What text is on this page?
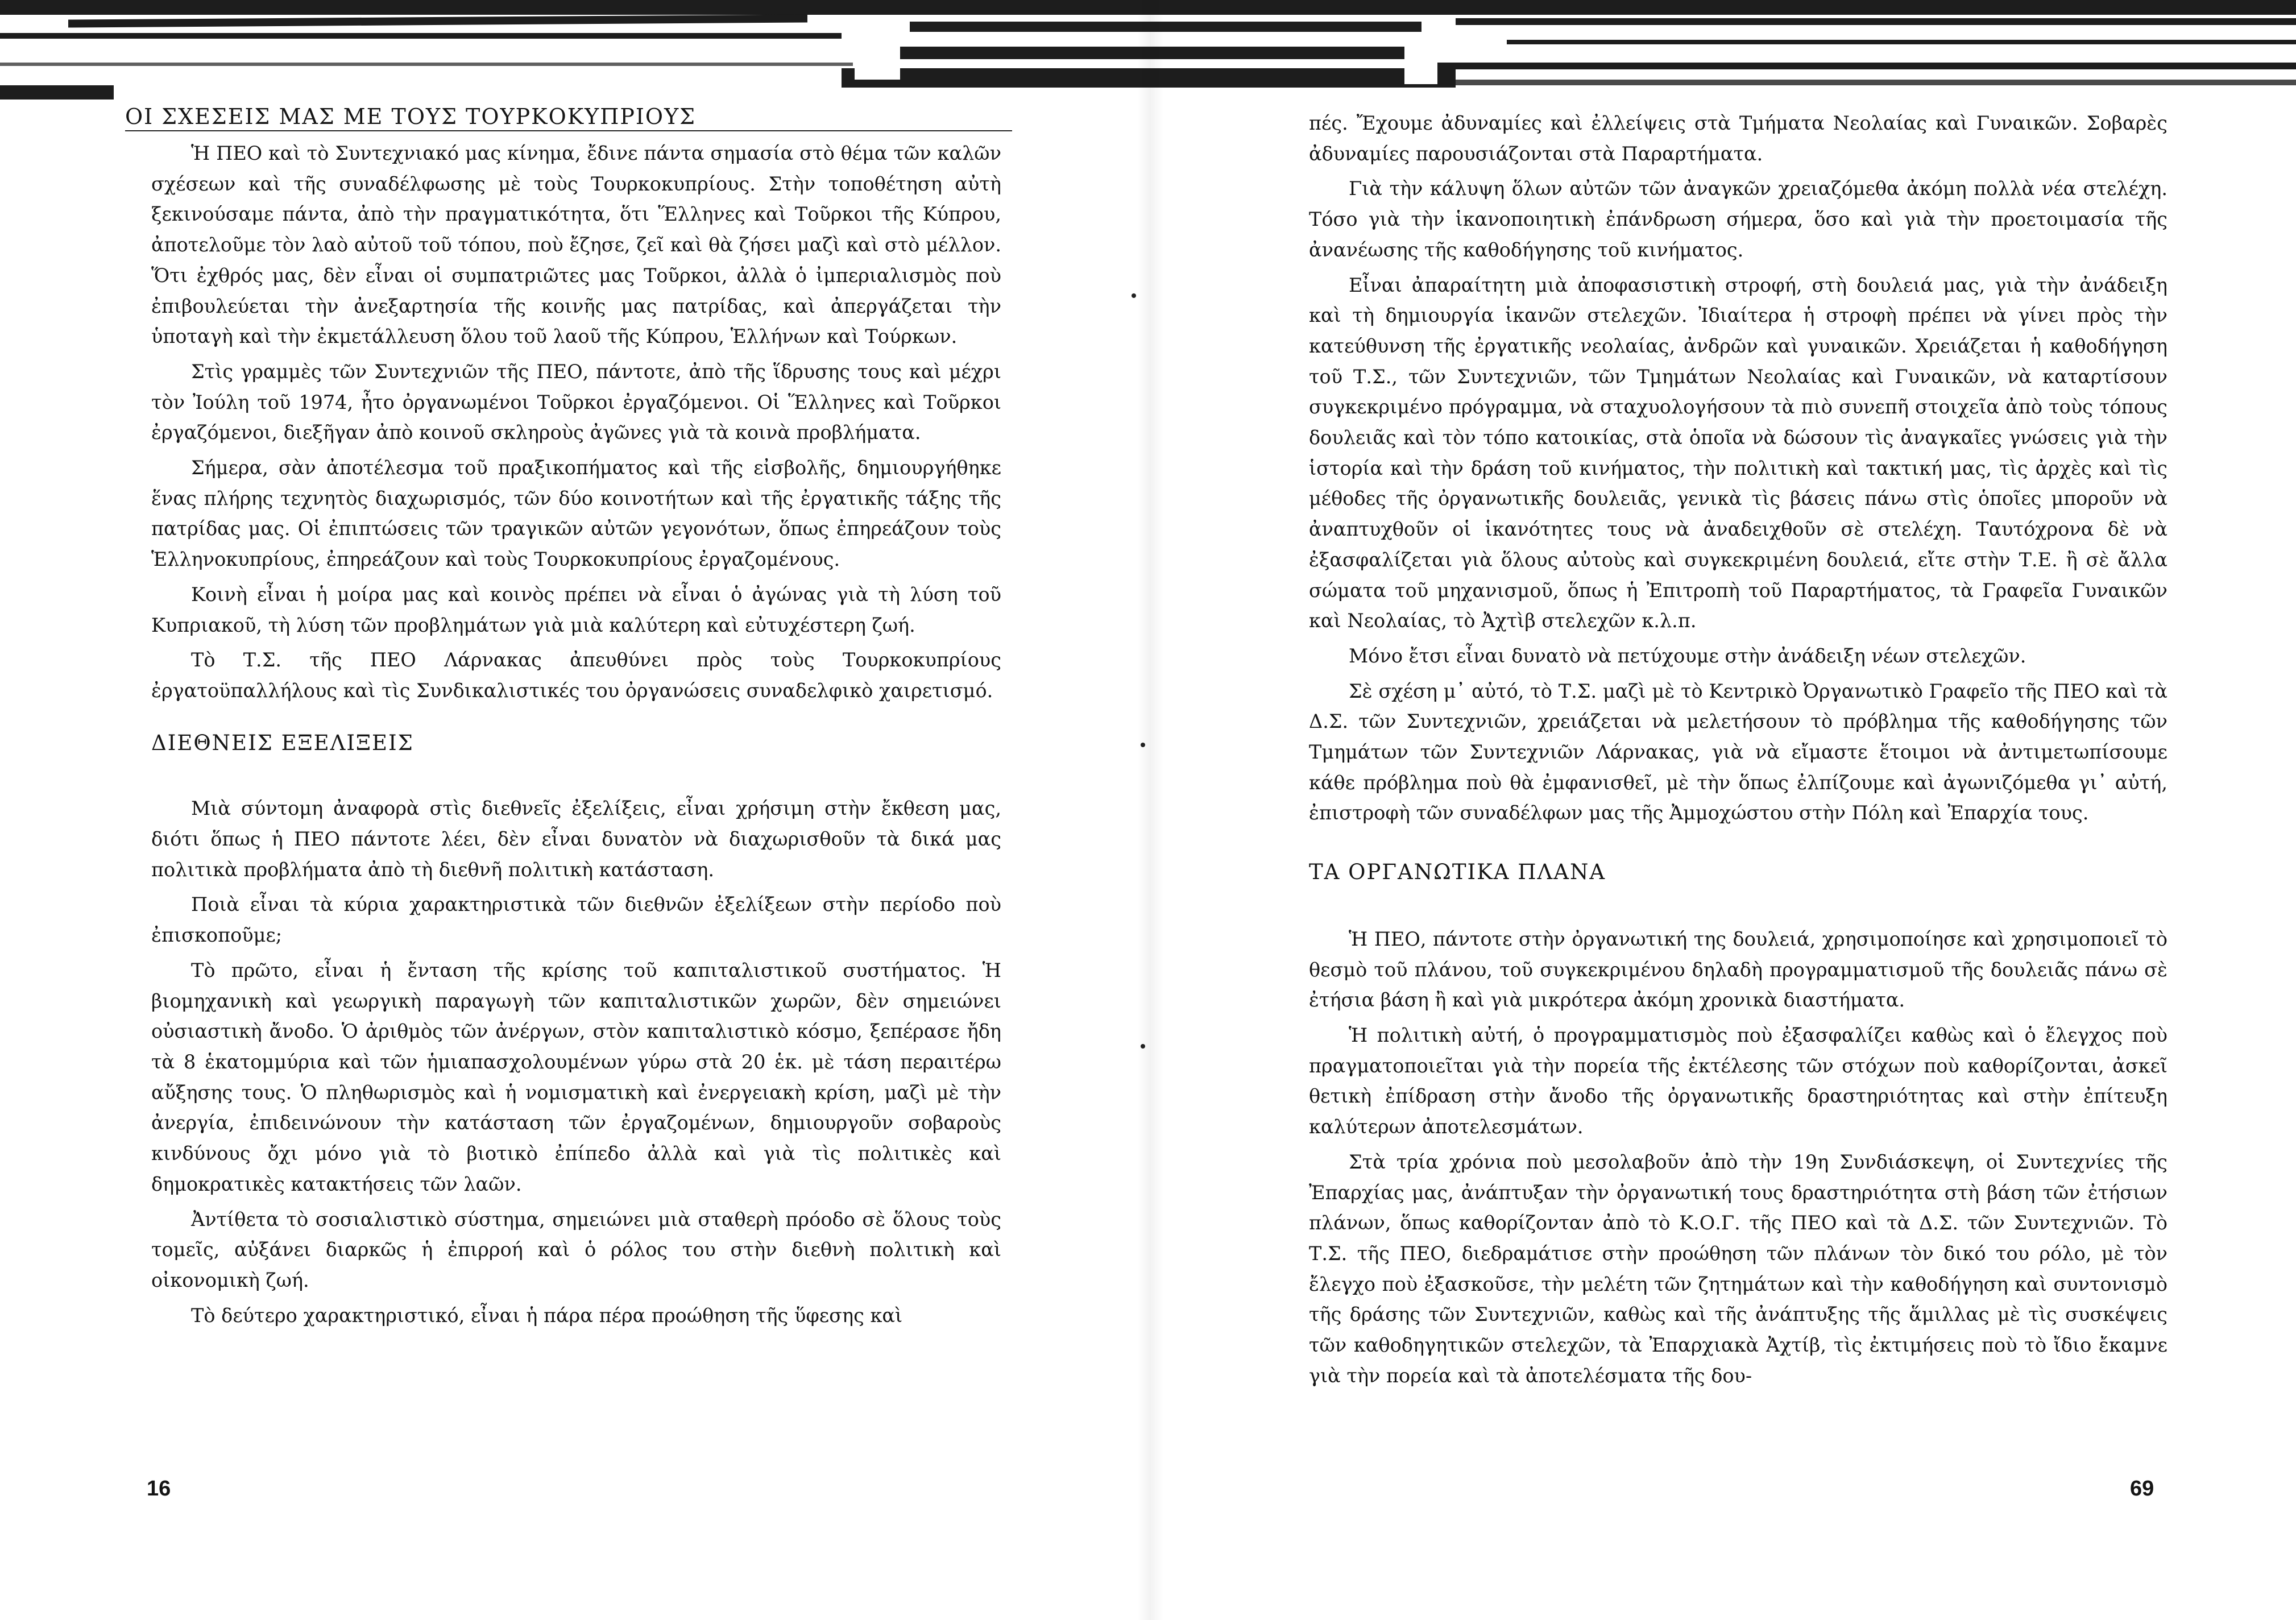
ΟΙ ΣΧΕΣΕΙΣ ΜΑΣ ΜΕ ΤΟΥΣ ΤΟΥΡΚΟΚΥΠΡΙΟΥΣ

Ἡ ΠΕΟ καὶ τὸ Συντεχνιακό μας κίνημα, ἔδινε πάντα σημασία στὸ θέμα τῶν καλῶν σχέσεων καὶ τῆς συναδέλφωσης μὲ τοὺς Τουρκοκυπρίους. Στὴν τοποθέτηση αὐτὴ ξεκινούσαμε πάντα, ἀπὸ τὴν πραγματικότητα, ὅτι Ἕλληνες καὶ Τοῦρκοι τῆς Κύπρου, ἀποτελοῦμε τὸν λαὸ αὐτοῦ τοῦ τόπου, ποὺ ἔζησε, ζεῖ καὶ θὰ ζήσει μαζὶ καὶ στὸ μέλλον. Ὅτι ἐχθρός μας, δὲν εἶναι οἱ συμπατριῶτες μας Τοῦρκοι, ἀλλὰ ὁ ἰμπεριαλισμὸς ποὺ ἐπιβουλεύεται τὴν ἀνεξαρτησία τῆς κοινῆς μας πατρίδας, καὶ ἀπεργάζεται τὴν ὑποταγὴ καὶ τὴν ἐκμετάλλευση ὅλου τοῦ λαοῦ τῆς Κύπρου, Ἑλλήνων καὶ Τούρκων.

Στὶς γραμμὲς τῶν Συντεχνιῶν τῆς ΠΕΟ, πάντοτε, ἀπὸ τῆς ἵδρυσης τους καὶ μέχρι τὸν Ἰούλη τοῦ 1974, ἦτο ὀργανωμένοι Τοῦρκοι ἐργαζόμενοι. Οἱ Ἕλληνες καὶ Τοῦρκοι ἐργαζόμενοι, διεξῆγαν ἀπὸ κοινοῦ σκληροὺς ἀγῶνες γιὰ τὰ κοινὰ προβλήματα.

Σήμερα, σὰν ἀποτέλεσμα τοῦ πραξικοπήματος καὶ τῆς εἰσβολῆς, δημιουργήθηκε ἕνας πλήρης τεχνητὸς διαχωρισμός, τῶν δύο κοινοτήτων καὶ τῆς ἐργατικῆς τάξης τῆς πατρίδας μας. Οἱ ἐπιπτώσεις τῶν τραγικῶν αὐτῶν γεγονότων, ὅπως ἐπηρεάζουν τοὺς Ἑλληνοκυπρίους, ἐπηρεάζουν καὶ τοὺς Τουρκοκυπρίους ἐργαζομένους.

Κοινὴ εἶναι ἡ μοίρα μας καὶ κοινὸς πρέπει νὰ εἶναι ὁ ἀγώνας γιὰ τὴ λύση τοῦ Κυπριακοῦ, τὴ λύση τῶν προβλημάτων γιὰ μιὰ καλύτερη καὶ εὐτυχέστερη ζωή.

Τὸ Τ.Σ. τῆς ΠΕΟ Λάρνακας ἀπευθύνει πρὸς τοὺς Τουρκοκυπρίους ἐργατοϋπαλλήλους καὶ τὶς Συνδικαλιστικές του ὀργανώσεις συναδελφικὸ χαιρετισμό.

ΔΙΕΘΝΕΙΣ ΕΞΕΛΙΞΕΙΣ

Μιὰ σύντομη ἀναφορὰ στὶς διεθνεῖς ἐξελίξεις, εἶναι χρήσιμη στὴν ἔκθεση μας, διότι ὅπως ἡ ΠΕΟ πάντοτε λέει, δὲν εἶναι δυνατὸν νὰ διαχωρισθοῦν τὰ δικά μας πολιτικὰ προβλήματα ἀπὸ τὴ διεθνῆ πολιτικὴ κατάσταση.

Ποιὰ εἶναι τὰ κύρια χαρακτηριστικὰ τῶν διεθνῶν ἐξελίξεων στὴν περίοδο ποὺ ἐπισκοποῦμε;

Τὸ πρῶτο, εἶναι ἡ ἔνταση τῆς κρίσης τοῦ καπιταλιστικοῦ συστήματος. Ἡ βιομηχανικὴ καὶ γεωργικὴ παραγωγὴ τῶν καπιταλιστικῶν χωρῶν, δὲν σημειώνει οὐσιαστικὴ ἄνοδο. Ὁ ἀριθμὸς τῶν ἀνέργων, στὸν καπιταλιστικὸ κόσμο, ξεπέρασε ἤδη τὰ 8 ἑκατομμύρια καὶ τῶν ἡμιαπασχολουμένων γύρω στὰ 20 ἑκ. μὲ τάση περαιτέρω αὔξησης τους. Ὁ πληθωρισμὸς καὶ ἡ νομισματικὴ καὶ ἐνεργειακὴ κρίση, μαζὶ μὲ τὴν ἀνεργία, ἐπιδεινώνουν τὴν κατάσταση τῶν ἐργαζομένων, δημιουργοῦν σοβαροὺς κινδύνους ὄχι μόνο γιὰ τὸ βιοτικὸ ἐπίπεδο ἀλλὰ καὶ γιὰ τὶς πολιτικὲς καὶ δημοκρατικὲς κατακτήσεις τῶν λαῶν.

Ἀντίθετα τὸ σοσιαλιστικὸ σύστημα, σημειώνει μιὰ σταθερὴ πρόοδο σὲ ὅλους τοὺς τομεῖς, αὐξάνει διαρκῶς ἡ ἐπιρροή καὶ ὁ ρόλος του στὴν διεθνὴ πολιτικὴ καὶ οἰκονομικὴ ζωή.

Τὸ δεύτερο χαρακτηριστικό, εἶναι ἡ πάρα πέρα προώθηση τῆς ὕφεσης καὶ

16

πές. Ἔχουμε ἀδυναμίες καὶ ἐλλείψεις στὰ Τμήματα Νεολαίας καὶ Γυναικῶν. Σοβαρὲς ἀδυναμίες παρουσιάζονται στὰ Παραρτήματα.

Γιὰ τὴν κάλυψη ὅλων αὐτῶν τῶν ἀναγκῶν χρειαζόμεθα ἀκόμη πολλὰ νέα στελέχη. Τόσο γιὰ τὴν ἱκανοποιητικὴ ἐπάνδρωση σήμερα, ὅσο καὶ γιὰ τὴν προετοιμασία τῆς ἀνανέωσης τῆς καθοδήγησης τοῦ κινήματος.

Εἶναι ἀπαραίτητη μιὰ ἀποφασιστικὴ στροφή, στὴ δουλειά μας, γιὰ τὴν ἀνάδειξη καὶ τὴ δημιουργία ἱκανῶν στελεχῶν. Ἰδιαίτερα ἡ στροφὴ πρέπει νὰ γίνει πρὸς τὴν κατεύθυνση τῆς ἐργατικῆς νεολαίας, ἀνδρῶν καὶ γυναικῶν. Χρειάζεται ἡ καθοδήγηση τοῦ Τ.Σ., τῶν Συντεχνιῶν, τῶν Τμημάτων Νεολαίας καὶ Γυναικῶν, νὰ καταρτίσουν συγκεκριμένο πρόγραμμα, νὰ σταχυολογήσουν τὰ πιὸ συνεπῆ στοιχεῖα ἀπὸ τοὺς τόπους δουλειᾶς καὶ τὸν τόπο κατοικίας, στὰ ὁποῖα νὰ δώσουν τὶς ἀναγκαῖες γνώσεις γιὰ τὴν ἱστορία καὶ τὴν δράση τοῦ κινήματος, τὴν πολιτικὴ καὶ τακτική μας, τὶς ἀρχὲς καὶ τὶς μέθοδες τῆς ὀργανωτικῆς δουλειᾶς, γενικὰ τὶς βάσεις πάνω στὶς ὁποῖες μποροῦν νὰ ἀναπτυχθοῦν οἱ ἱκανότητες τους νὰ ἀναδειχθοῦν σὲ στελέχη. Ταυτόχρονα δὲ νὰ ἐξασφαλίζεται γιὰ ὅλους αὐτοὺς καὶ συγκεκριμένη δουλειά, εἴτε στὴν Τ.Ε. ἢ σὲ ἄλλα σώματα τοῦ μηχανισμοῦ, ὅπως ἡ Ἐπιτροπὴ τοῦ Παραρτήματος, τὰ Γραφεῖα Γυναικῶν καὶ Νεολαίας, τὸ Ἀχτὶβ στελεχῶν κ.λ.π.

Μόνο ἔτσι εἶναι δυνατὸ νὰ πετύχουμε στὴν ἀνάδειξη νέων στελεχῶν.

Σὲ σχέση μ᾽ αὐτό, τὸ Τ.Σ. μαζὶ μὲ τὸ Κεντρικὸ Ὀργανωτικὸ Γραφεῖο τῆς ΠΕΟ καὶ τὰ Δ.Σ. τῶν Συντεχνιῶν, χρειάζεται νὰ μελετήσουν τὸ πρόβλημα τῆς καθοδήγησης τῶν Τμημάτων τῶν Συντεχνιῶν Λάρνακας, γιὰ νὰ εἴμαστε ἕτοιμοι νὰ ἀντιμετωπίσουμε κάθε πρόβλημα ποὺ θὰ ἐμφανισθεῖ, μὲ τὴν ὅπως ἐλπίζουμε καὶ ἀγωνιζόμεθα γι᾽ αὐτή, ἐπιστροφὴ τῶν συναδέλφων μας τῆς Ἀμμοχώστου στὴν Πόλη καὶ Ἐπαρχία τους.

ΤΑ ΟΡΓΑΝΩΤΙΚΑ ΠΛΑΝΑ

Ἡ ΠΕΟ, πάντοτε στὴν ὀργανωτική της δουλειά, χρησιμοποίησε καὶ χρησιμοποιεῖ τὸ θεσμὸ τοῦ πλάνου, τοῦ συγκεκριμένου δηλαδὴ προγραμματισμοῦ τῆς δουλειᾶς πάνω σὲ ἐτήσια βάση ἢ καὶ γιὰ μικρότερα ἀκόμη χρονικὰ διαστήματα.

Ἡ πολιτικὴ αὐτή, ὁ προγραμματισμὸς ποὺ ἐξασφαλίζει καθὼς καὶ ὁ ἔλεγχος ποὺ πραγματοποιεῖται γιὰ τὴν πορεία τῆς ἐκτέλεσης τῶν στόχων ποὺ καθορίζονται, ἀσκεῖ θετικὴ ἐπίδραση στὴν ἄνοδο τῆς ὀργανωτικῆς δραστηριότητας καὶ στὴν ἐπίτευξη καλύτερων ἀποτελεσμάτων.

Στὰ τρία χρόνια ποὺ μεσολαβοῦν ἀπὸ τὴν 19η Συνδιάσκεψη, οἱ Συντεχνίες τῆς Ἐπαρχίας μας, ἀνάπτυξαν τὴν ὀργανωτική τους δραστηριότητα στὴ βάση τῶν ἐτήσιων πλάνων, ὅπως καθορίζονταν ἀπὸ τὸ Κ.Ο.Γ. τῆς ΠΕΟ καὶ τὰ Δ.Σ. τῶν Συντεχνιῶν. Τὸ Τ.Σ. τῆς ΠΕΟ, διεδραμάτισε στὴν προώθηση τῶν πλάνων τὸν δικό του ρόλο, μὲ τὸν ἔλεγχο ποὺ ἐξασκοῦσε, τὴν μελέτη τῶν ζητημάτων καὶ τὴν καθοδήγηση καὶ συντονισμὸ τῆς δράσης τῶν Συντεχνιῶν, καθὼς καὶ τῆς ἀνάπτυξης τῆς ἅμιλλας μὲ τὶς συσκέψεις τῶν καθοδηγητικῶν στελεχῶν, τὰ Ἐπαρχιακὰ Ἀχτίβ, τὶς ἐκτιμήσεις ποὺ τὸ ἴδιο ἔκαμνε γιὰ τὴν πορεία καὶ τὰ ἀποτελέσματα τῆς δου-

69
